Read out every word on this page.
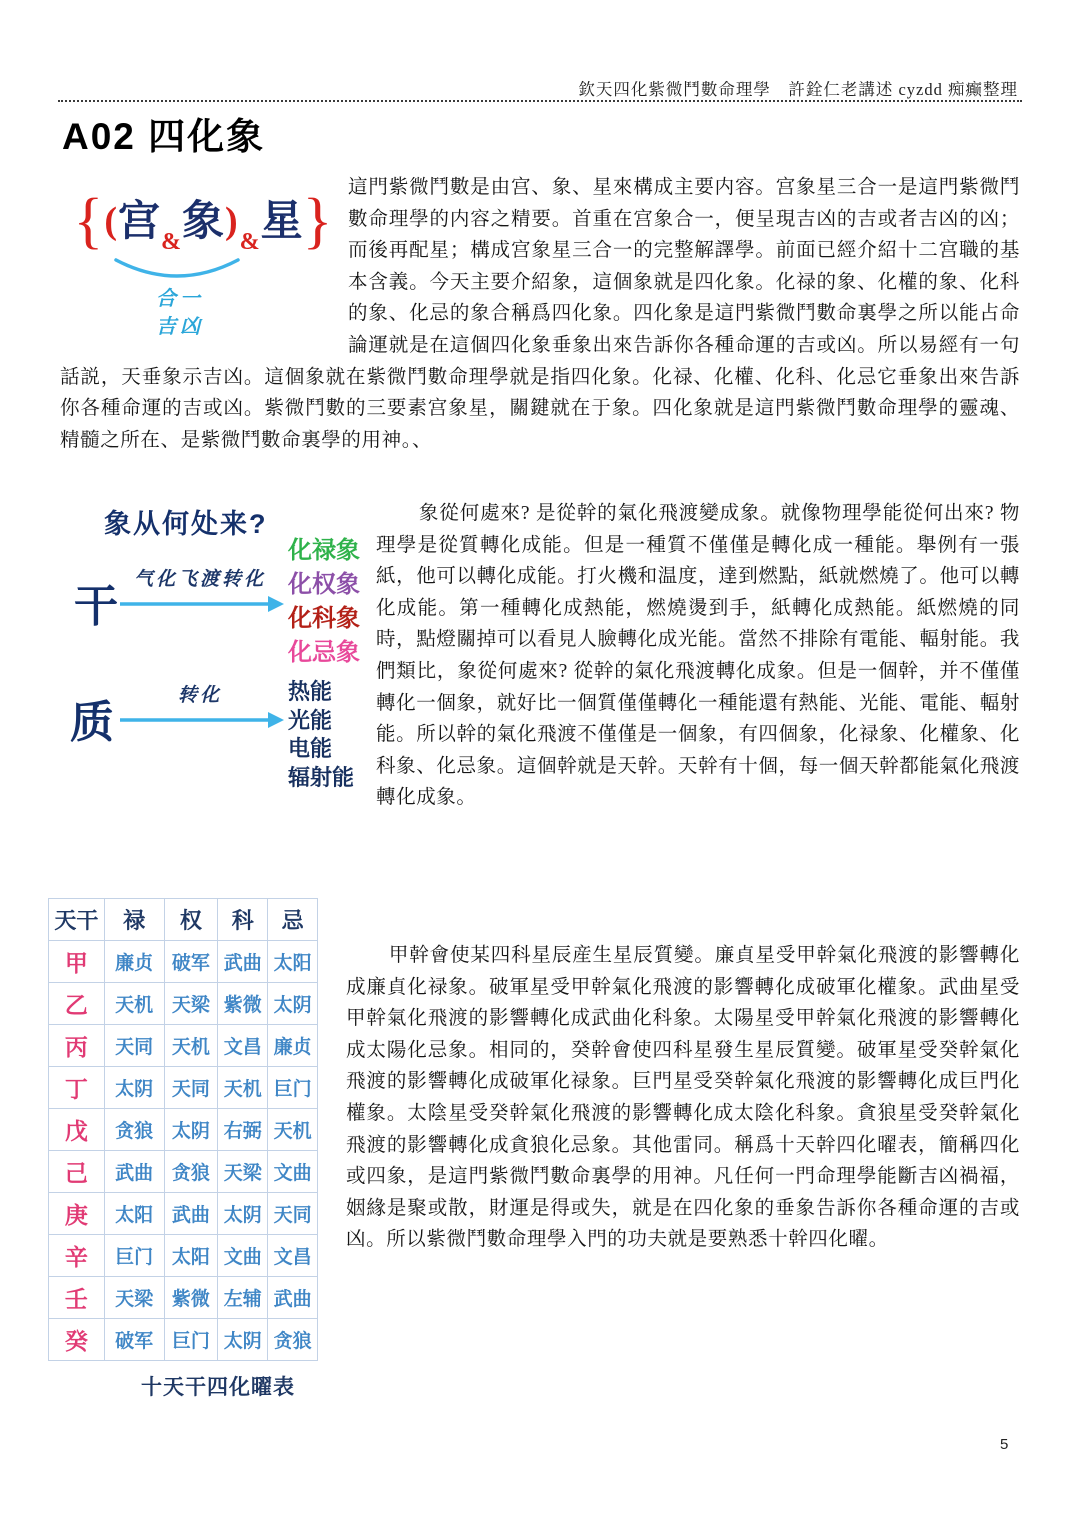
欽天四化紫微鬥數命理學　許銓仁老講述 cyzdd 痴癫整理
A02 四化象
{ ( 宫 & 象 ) & 星 }
合一
吉凶

這門紫微鬥數是由宫、象、星來構成主要内容。宫象星三合一是這門紫微鬥數命理學的内容之精要。首重在宫象合一，便呈現吉凶的吉或者吉凶的凶；而後再配星；構成宫象星三合一的完整解譯學。前面已經介紹十二宫職的基本含義。今天主要介紹象，這個象就是四化象。化禄的象、化權的象、化科的象、化忌的象合稱爲四化象。四化象是這門紫微鬥數命裏學之所以能占命論運就是在這個四化象垂象出來告訴你各種命運的吉或凶。所以易經有一句話説，天垂象示吉凶。這個象就在紫微鬥數命理學就是指四化象。化禄、化權、化科、化忌它垂象出來告訴你各種命運的吉或凶。紫微鬥數的三要素宫象星，關鍵就在于象。四化象就是這門紫微鬥數命理學的靈魂、精髓之所在、是紫微鬥數命裏學的用神。、

象从何处来?
干
气化飞渡转化
化禄象
化权象
化科象
化忌象
质
转化	热能
光能
电能
辐射能

象從何處來? 是從幹的氣化飛渡變成象。就像物理學能從何出來? 物理學是從質轉化成能。但是一種質不僅僅是轉化成一種能。舉例有一張紙，他可以轉化成能。打火機和温度，達到燃點，紙就燃燒了。他可以轉化成能。第一種轉化成熱能，燃燒燙到手，紙轉化成熱能。紙燃燒的同時，點燈關掉可以看見人臉轉化成光能。當然不排除有電能、輻射能。我們類比，象從何處來? 從幹的氣化飛渡轉化成象。但是一個幹，并不僅僅轉化一個象，就好比一個質僅僅轉化一種能還有熱能、光能、電能、輻射能。所以幹的氣化飛渡不僅僅是一個象，有四個象，化禄象、化權象、化科象、化忌象。這個幹就是天幹。天幹有十個，每一個天幹都能氣化飛渡轉化成象。

天干	禄	权	科	忌
甲	廉贞	破军	武曲	太阳
乙	天机	天梁	紫微	太阴
丙	天同	天机	文昌	廉贞
丁	太阴	天同	天机	巨门
戊	贪狼	太阴	右弼	天机
己	武曲	贪狼	天梁	文曲
庚	太阳	武曲	太阴	天同
辛	巨门	太阳	文曲	文昌
壬	天梁	紫微	左辅	武曲
癸	破军	巨门	太阴	贪狼
十天干四化曜表

甲幹會使某四科星辰産生星辰質變。廉貞星受甲幹氣化飛渡的影響轉化成廉貞化禄象。破軍星受甲幹氣化飛渡的影響轉化成破軍化權象。武曲星受甲幹氣化飛渡的影響轉化成武曲化科象。太陽星受甲幹氣化飛渡的影響轉化成太陽化忌象。相同的，癸幹會使四科星發生星辰質變。破軍星受癸幹氣化飛渡的影響轉化成破軍化禄象。巨門星受癸幹氣化飛渡的影響轉化成巨門化權象。太陰星受癸幹氣化飛渡的影響轉化成太陰化科象。貪狼星受癸幹氣化飛渡的影響轉化成貪狼化忌象。其他雷同。稱爲十天幹四化曜表，簡稱四化或四象，是這門紫微鬥數命裏學的用神。凡任何一門命理學能斷吉凶禍福，姻緣是聚或散，財運是得或失，就是在四化象的垂象告訴你各種命運的吉或凶。所以紫微鬥數命理學入門的功夫就是要熟悉十幹四化曜。

5
